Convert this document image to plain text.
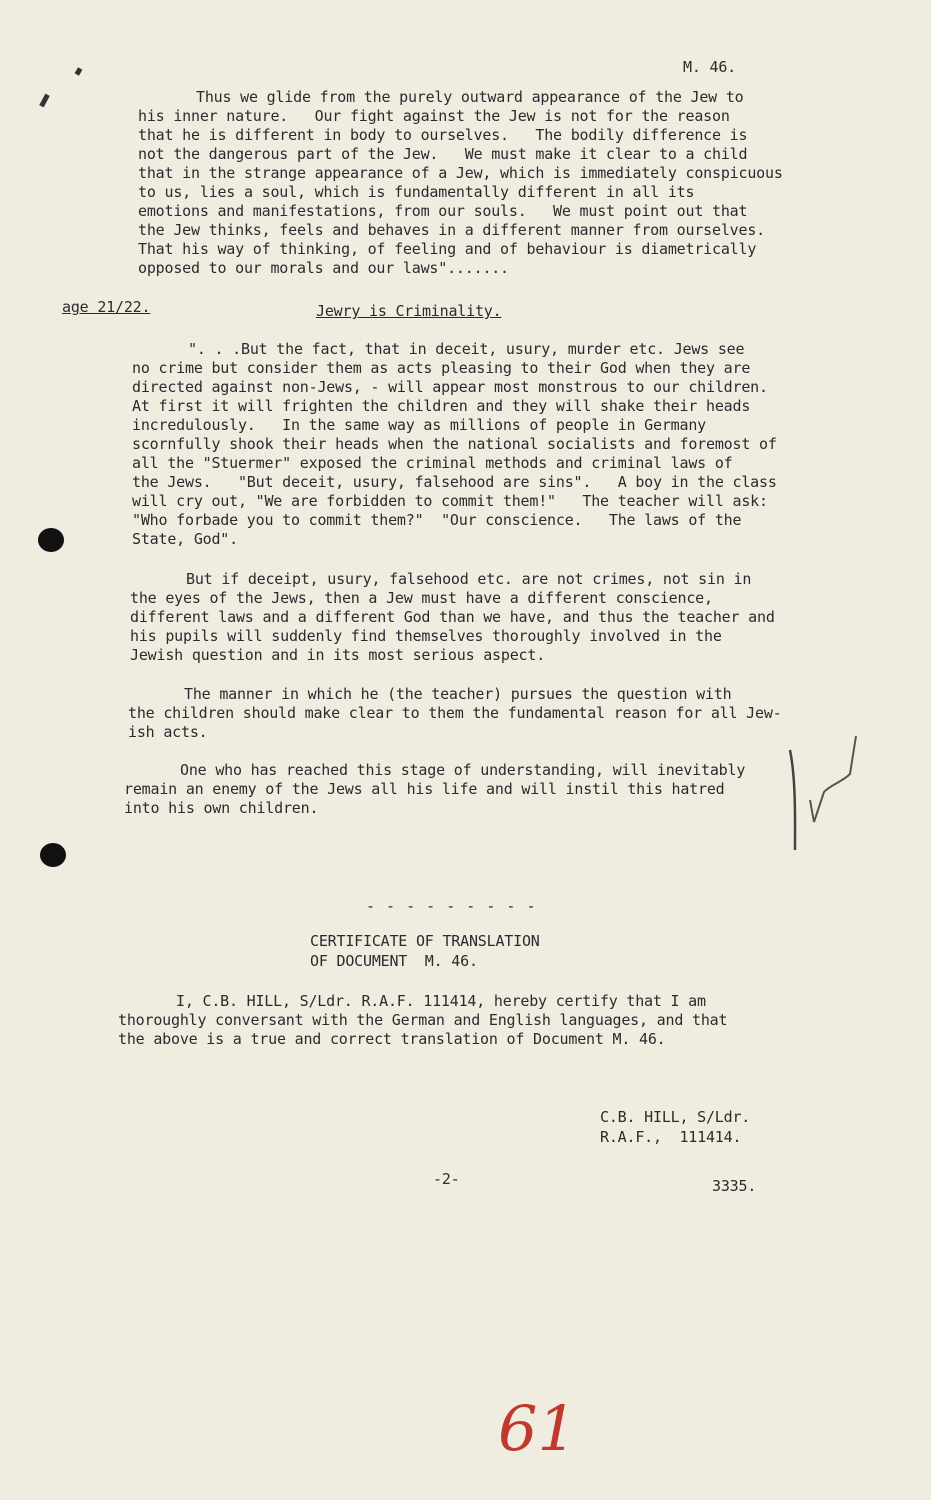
M. 46.
Thus we glide from the purely outward appearance of the Jew to
his inner nature.   Our fight against the Jew is not for the reason
that he is different in body to ourselves.   The bodily difference is
not the dangerous part of the Jew.   We must make it clear to a child
that in the strange appearance of a Jew, which is immediately conspicuous
to us, lies a soul, which is fundamentally different in all its
emotions and manifestations, from our souls.   We must point out that
the Jew thinks, feels and behaves in a different manner from ourselves.
That his way of thinking, of feeling and of behaviour is diametrically
opposed to our morals and our laws".......
age 21/22.	Jewry is Criminality.
". . .But the fact, that in deceit, usury, murder etc. Jews see
no crime but consider them as acts pleasing to their God when they are
directed against non-Jews, - will appear most monstrous to our children.
At first it will frighten the children and they will shake their heads
incredulously.   In the same way as millions of people in Germany
scornfully shook their heads when the national socialists and foremost of
all the "Stuermer" exposed the criminal methods and criminal laws of
the Jews.   "But deceit, usury, falsehood are sins".   A boy in the class
will cry out, "We are forbidden to commit them!"   The teacher will ask:
"Who forbade you to commit them?"  "Our conscience.   The laws of the
State, God".
But if deceipt, usury, falsehood etc. are not crimes, not sin in
the eyes of the Jews, then a Jew must have a different conscience,
different laws and a different God than we have, and thus the teacher and
his pupils will suddenly find themselves thoroughly involved in the
Jewish question and in its most serious aspect.
The manner in which he (the teacher) pursues the question with
the children should make clear to them the fundamental reason for all Jew-
ish acts.
One who has reached this stage of understanding, will inevitably
remain an enemy of the Jews all his life and will instil this hatred
into his own children.
- - - - - - - - -
CERTIFICATE OF TRANSLATION
OF DOCUMENT  M. 46.
I, C.B. HILL, S/Ldr. R.A.F. 111414, hereby certify that I am
thoroughly conversant with the German and English languages, and that
the above is a true and correct translation of Document M. 46.
C.B. HILL, S/Ldr.
R.A.F.,  111414.
-2-	3335.
61
